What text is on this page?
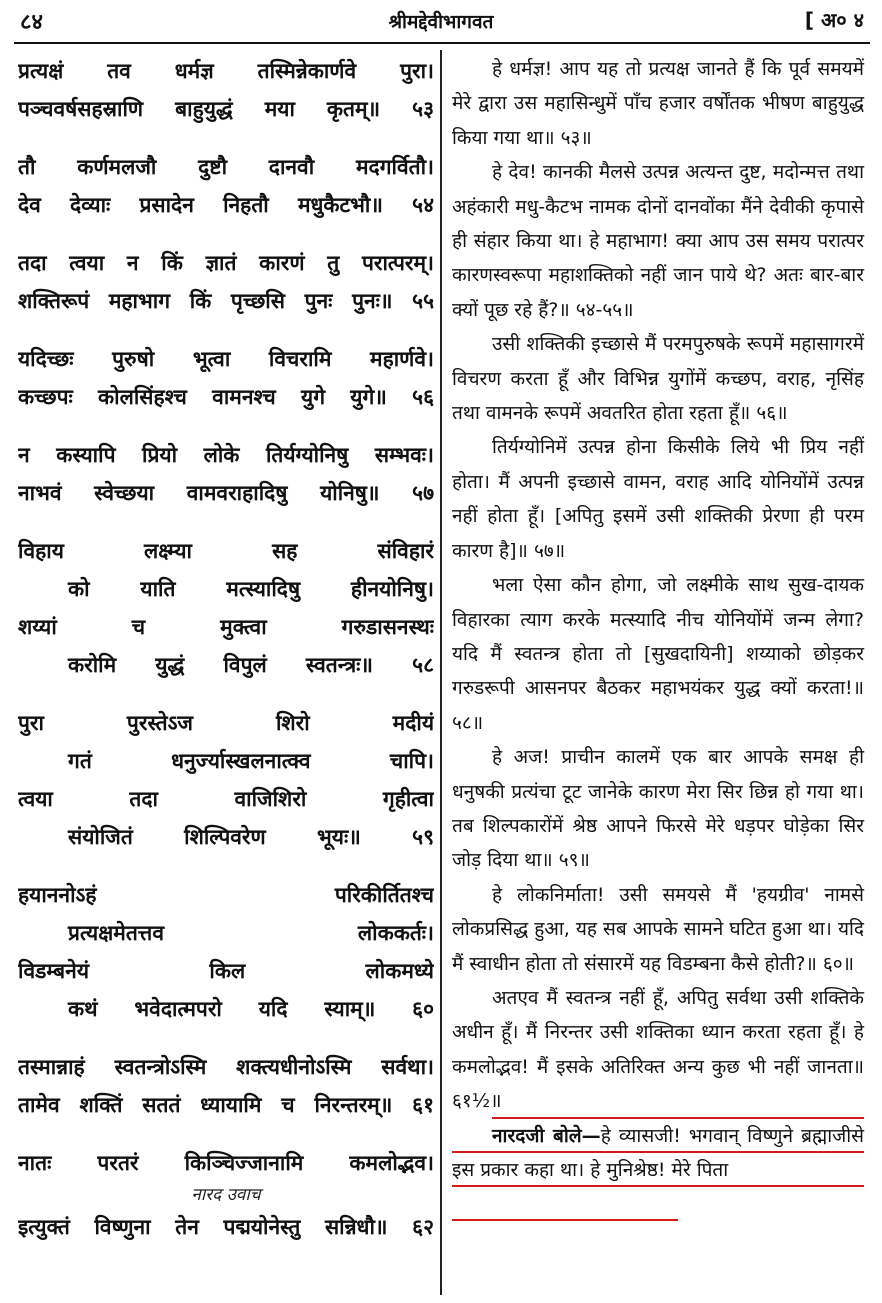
८४	श्रीमद्देवीभागवत	[ अ० ४
प्रत्यक्षं तव धर्मज्ञ तस्मिन्नेकार्णवे पुरा।
पञ्चवर्षसहस्राणि बाहुयुद्धं मया कृतम्॥ ५३
तौ कर्णमलजौ दुष्टौ दानवौ मदगर्वितौ।
देव देव्याः प्रसादेन निहतौ मधुकैटभौ॥ ५४
तदा त्वया न किं ज्ञातं कारणं तु परात्परम्।
शक्तिरूपं महाभाग किं पृच्छसि पुनः पुनः॥ ५५
यदिच्छः पुरुषो भूत्वा विचरामि महार्णवे।
कच्छपः कोलसिंहश्च वामनश्च युगे युगे॥ ५६
न कस्यापि प्रियो लोके तिर्यग्योनिषु सम्भवः।
नाभवं स्वेच्छया वामवराहादिषु योनिषु॥ ५७
विहाय लक्ष्म्या सह संविहारं
को याति मत्स्यादिषु हीनयोनिषु।
शय्यां च मुक्त्वा गरुडासनस्थः
करोमि युद्धं विपुलं स्वतन्त्रः॥ ५८
पुरा पुरस्तेऽज शिरो मदीयं
गतं धनुर्ज्यास्खलनात्क्व चापि।
त्वया तदा वाजिशिरो गृहीत्वा
संयोजितं शिल्पिवरेण भूयः॥ ५९
हयाननोऽहं परिकीर्तितश्च
प्रत्यक्षमेतत्तव लोककर्तः।
विडम्बनेयं किल लोकमध्ये
कथं भवेदात्मपरो यदि स्याम्॥ ६०
तस्मान्नाहं स्वतन्त्रोऽस्मि शक्त्यधीनोऽस्मि सर्वथा।
तामेव शक्तिं सततं ध्यायामि च निरन्तरम्॥ ६१
नातः परतरं किञ्चिज्जानामि कमलोद्भव।
नारद उवाच
इत्युक्तं विष्णुना तेन पद्मयोनेस्तु सन्निधौ॥ ६२

हे धर्मज्ञ! आप यह तो प्रत्यक्ष जानते हैं कि पूर्व समयमें मेरे द्वारा उस महासिन्धुमें पाँच हजार वर्षोंतक भीषण बाहुयुद्ध किया गया था॥ ५३॥

हे देव! कानकी मैलसे उत्पन्न अत्यन्त दुष्ट, मदोन्मत्त तथा अहंकारी मधु-कैटभ नामक दोनों दानवोंका मैंने देवीकी कृपासे ही संहार किया था। हे महाभाग! क्या आप उस समय परात्पर कारणस्वरूपा महाशक्तिको नहीं जान पाये थे? अतः बार-बार क्यों पूछ रहे हैं?॥ ५४-५५॥

उसी शक्तिकी इच्छासे मैं परमपुरुषके रूपमें महासागरमें विचरण करता हूँ और विभिन्न युगोंमें कच्छप, वराह, नृसिंह तथा वामनके रूपमें अवतरित होता रहता हूँ॥ ५६॥

तिर्यग्योनिमें उत्पन्न होना किसीके लिये भी प्रिय नहीं होता। मैं अपनी इच्छासे वामन, वराह आदि योनियोंमें उत्पन्न नहीं होता हूँ। [अपितु इसमें उसी शक्तिकी प्रेरणा ही परम कारण है]॥ ५७॥

भला ऐसा कौन होगा, जो लक्ष्मीके साथ सुख-दायक विहारका त्याग करके मत्स्यादि नीच योनियोंमें जन्म लेगा? यदि मैं स्वतन्त्र होता तो [सुखदायिनी] शय्याको छोड़कर गरुडरूपी आसनपर बैठकर महाभयंकर युद्ध क्यों करता!॥ ५८॥

हे अज! प्राचीन कालमें एक बार आपके समक्ष ही धनुषकी प्रत्यंचा टूट जानेके कारण मेरा सिर छिन्न हो गया था। तब शिल्पकारोंमें श्रेष्ठ आपने फिरसे मेरे धड़पर घोड़ेका सिर जोड़ दिया था॥ ५९॥

हे लोकनिर्माता! उसी समयसे मैं 'हयग्रीव' नामसे लोकप्रसिद्ध हुआ, यह सब आपके सामने घटित हुआ था। यदि मैं स्वाधीन होता तो संसारमें यह विडम्बना कैसे होती?॥ ६०॥

अतएव मैं स्वतन्त्र नहीं हूँ, अपितु सर्वथा उसी शक्तिके अधीन हूँ। मैं निरन्तर उसी शक्तिका ध्यान करता रहता हूँ। हे कमलोद्भव! मैं इसके अतिरिक्त अन्य कुछ भी नहीं जानता॥ ६१½॥

नारदजी बोले—हे व्यासजी! भगवान् विष्णुने ब्रह्माजीसे इस प्रकार कहा था। हे मुनिश्रेष्ठ! मेरे पिता
